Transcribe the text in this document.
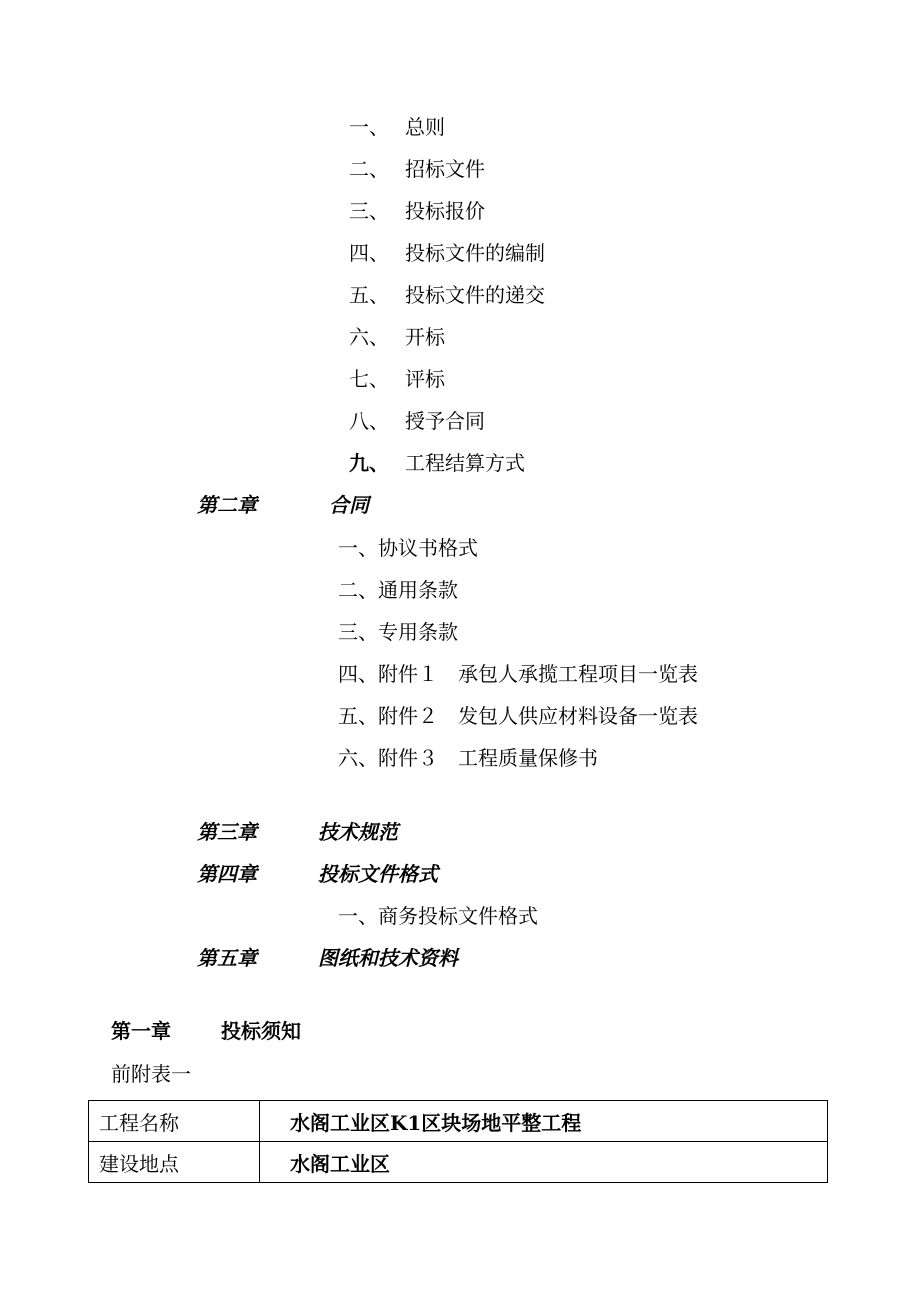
一、 总则
二、 招标文件
三、 投标报价
四、 投标文件的编制
五、 投标文件的递交
六、 开标
七、 评标
八、 授予合同
九、 工程结算方式
第二章	合同
一、协议书格式
二、通用条款
三、专用条款
四、附件１　承包人承揽工程项目一览表
五、附件２　发包人供应材料设备一览表
六、附件３　工程质量保修书
第三章	技术规范
第四章	投标文件格式
一、商务投标文件格式
第五章	图纸和技术资料
第一章	投标须知
前附表一
工程名称	水阁工业区K1区块场地平整工程
建设地点	水阁工业区
